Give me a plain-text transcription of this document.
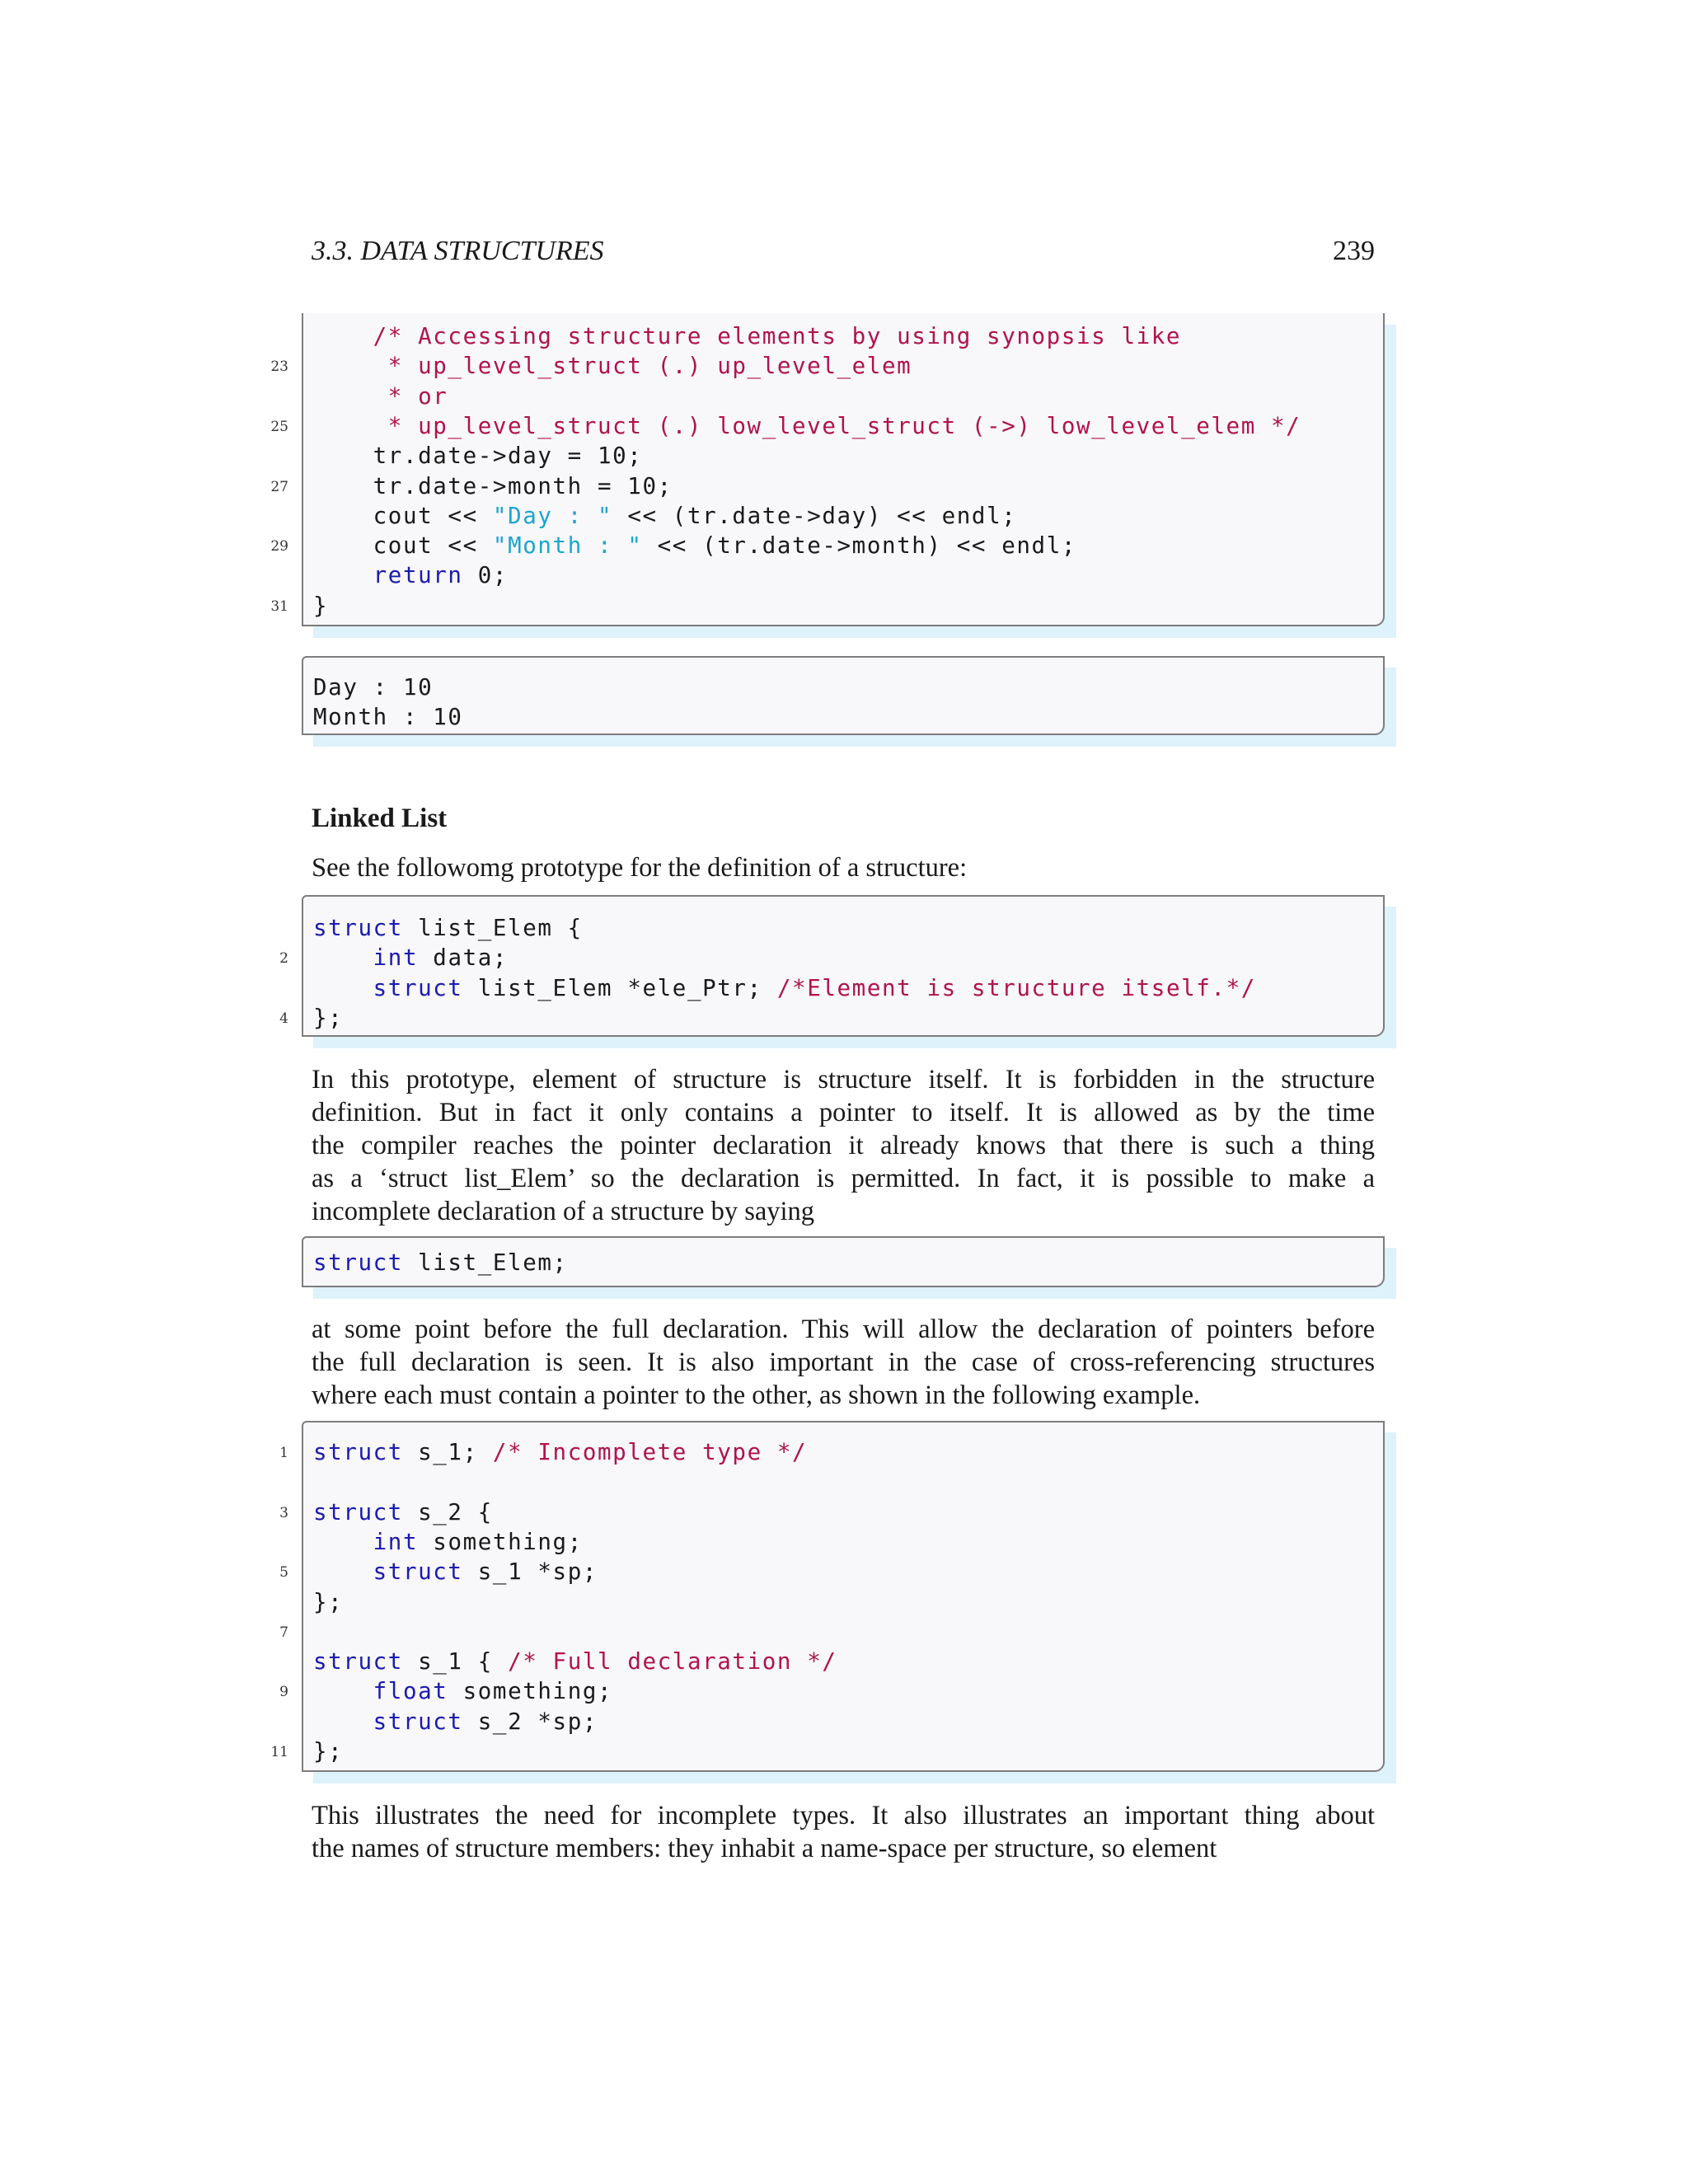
3.3. DATA STRUCTURES	239
/* Accessing structure elements by using synopsis like
23	* up_level_struct (.) up_level_elem
* or
25	* up_level_struct (.) low_level_struct (->) low_level_elem */
tr.date->day = 10;
27	tr.date->month = 10;
cout << "Day : " << (tr.date->day) << endl;
29	cout << "Month : " << (tr.date->month) << endl;
return 0;
31 }
Day : 10
Month : 10
Linked List
See the followomg prototype for the definition of a structure:
struct list_Elem {
2	int data;
struct list_Elem *ele_Ptr; /*Element is structure itself.*/
4 };
In this prototype, element of structure is structure itself. It is forbidden in the structure
definition. But in fact it only contains a pointer to itself. It is allowed as by the time
the compiler reaches the pointer declaration it already knows that there is such a thing
as a ‘struct list_Elem’ so the declaration is permitted. In fact, it is possible to make a
incomplete declaration of a structure by saying
struct list_Elem;
at some point before the full declaration. This will allow the declaration of pointers before
the full declaration is seen. It is also important in the case of cross-referencing structures
where each must contain a pointer to the other, as shown in the following example.
1 struct s_1; /* Incomplete type */
3 struct s_2 {
int something;
5	struct s_1 *sp;
};
7
struct s_1 { /* Full declaration */
9	float something;
struct s_2 *sp;
11 };
This illustrates the need for incomplete types. It also illustrates an important thing about
the names of structure members: they inhabit a name-space per structure, so element
